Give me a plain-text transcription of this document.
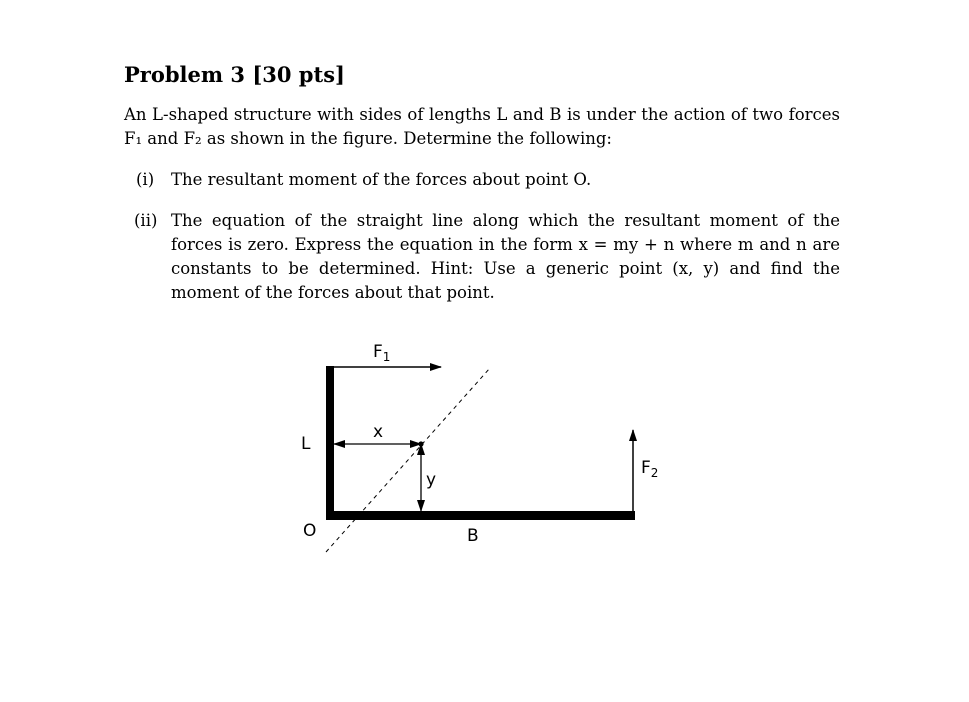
Problem 3 [30 pts]
An L-shaped structure with sides of lengths L and B is under the action of two forces F₁ and F₂ as shown in the figure. Determine the following:
(i) The resultant moment of the forces about point O.
(ii) The equation of the straight line along which the resultant moment of the forces is zero. Express the equation in the form x = my + n where m and n are constants to be determined. Hint: Use a generic point (x, y) and find the moment of the forces about that point.
$F_1$
$F_2$
x
y
L
O	B
